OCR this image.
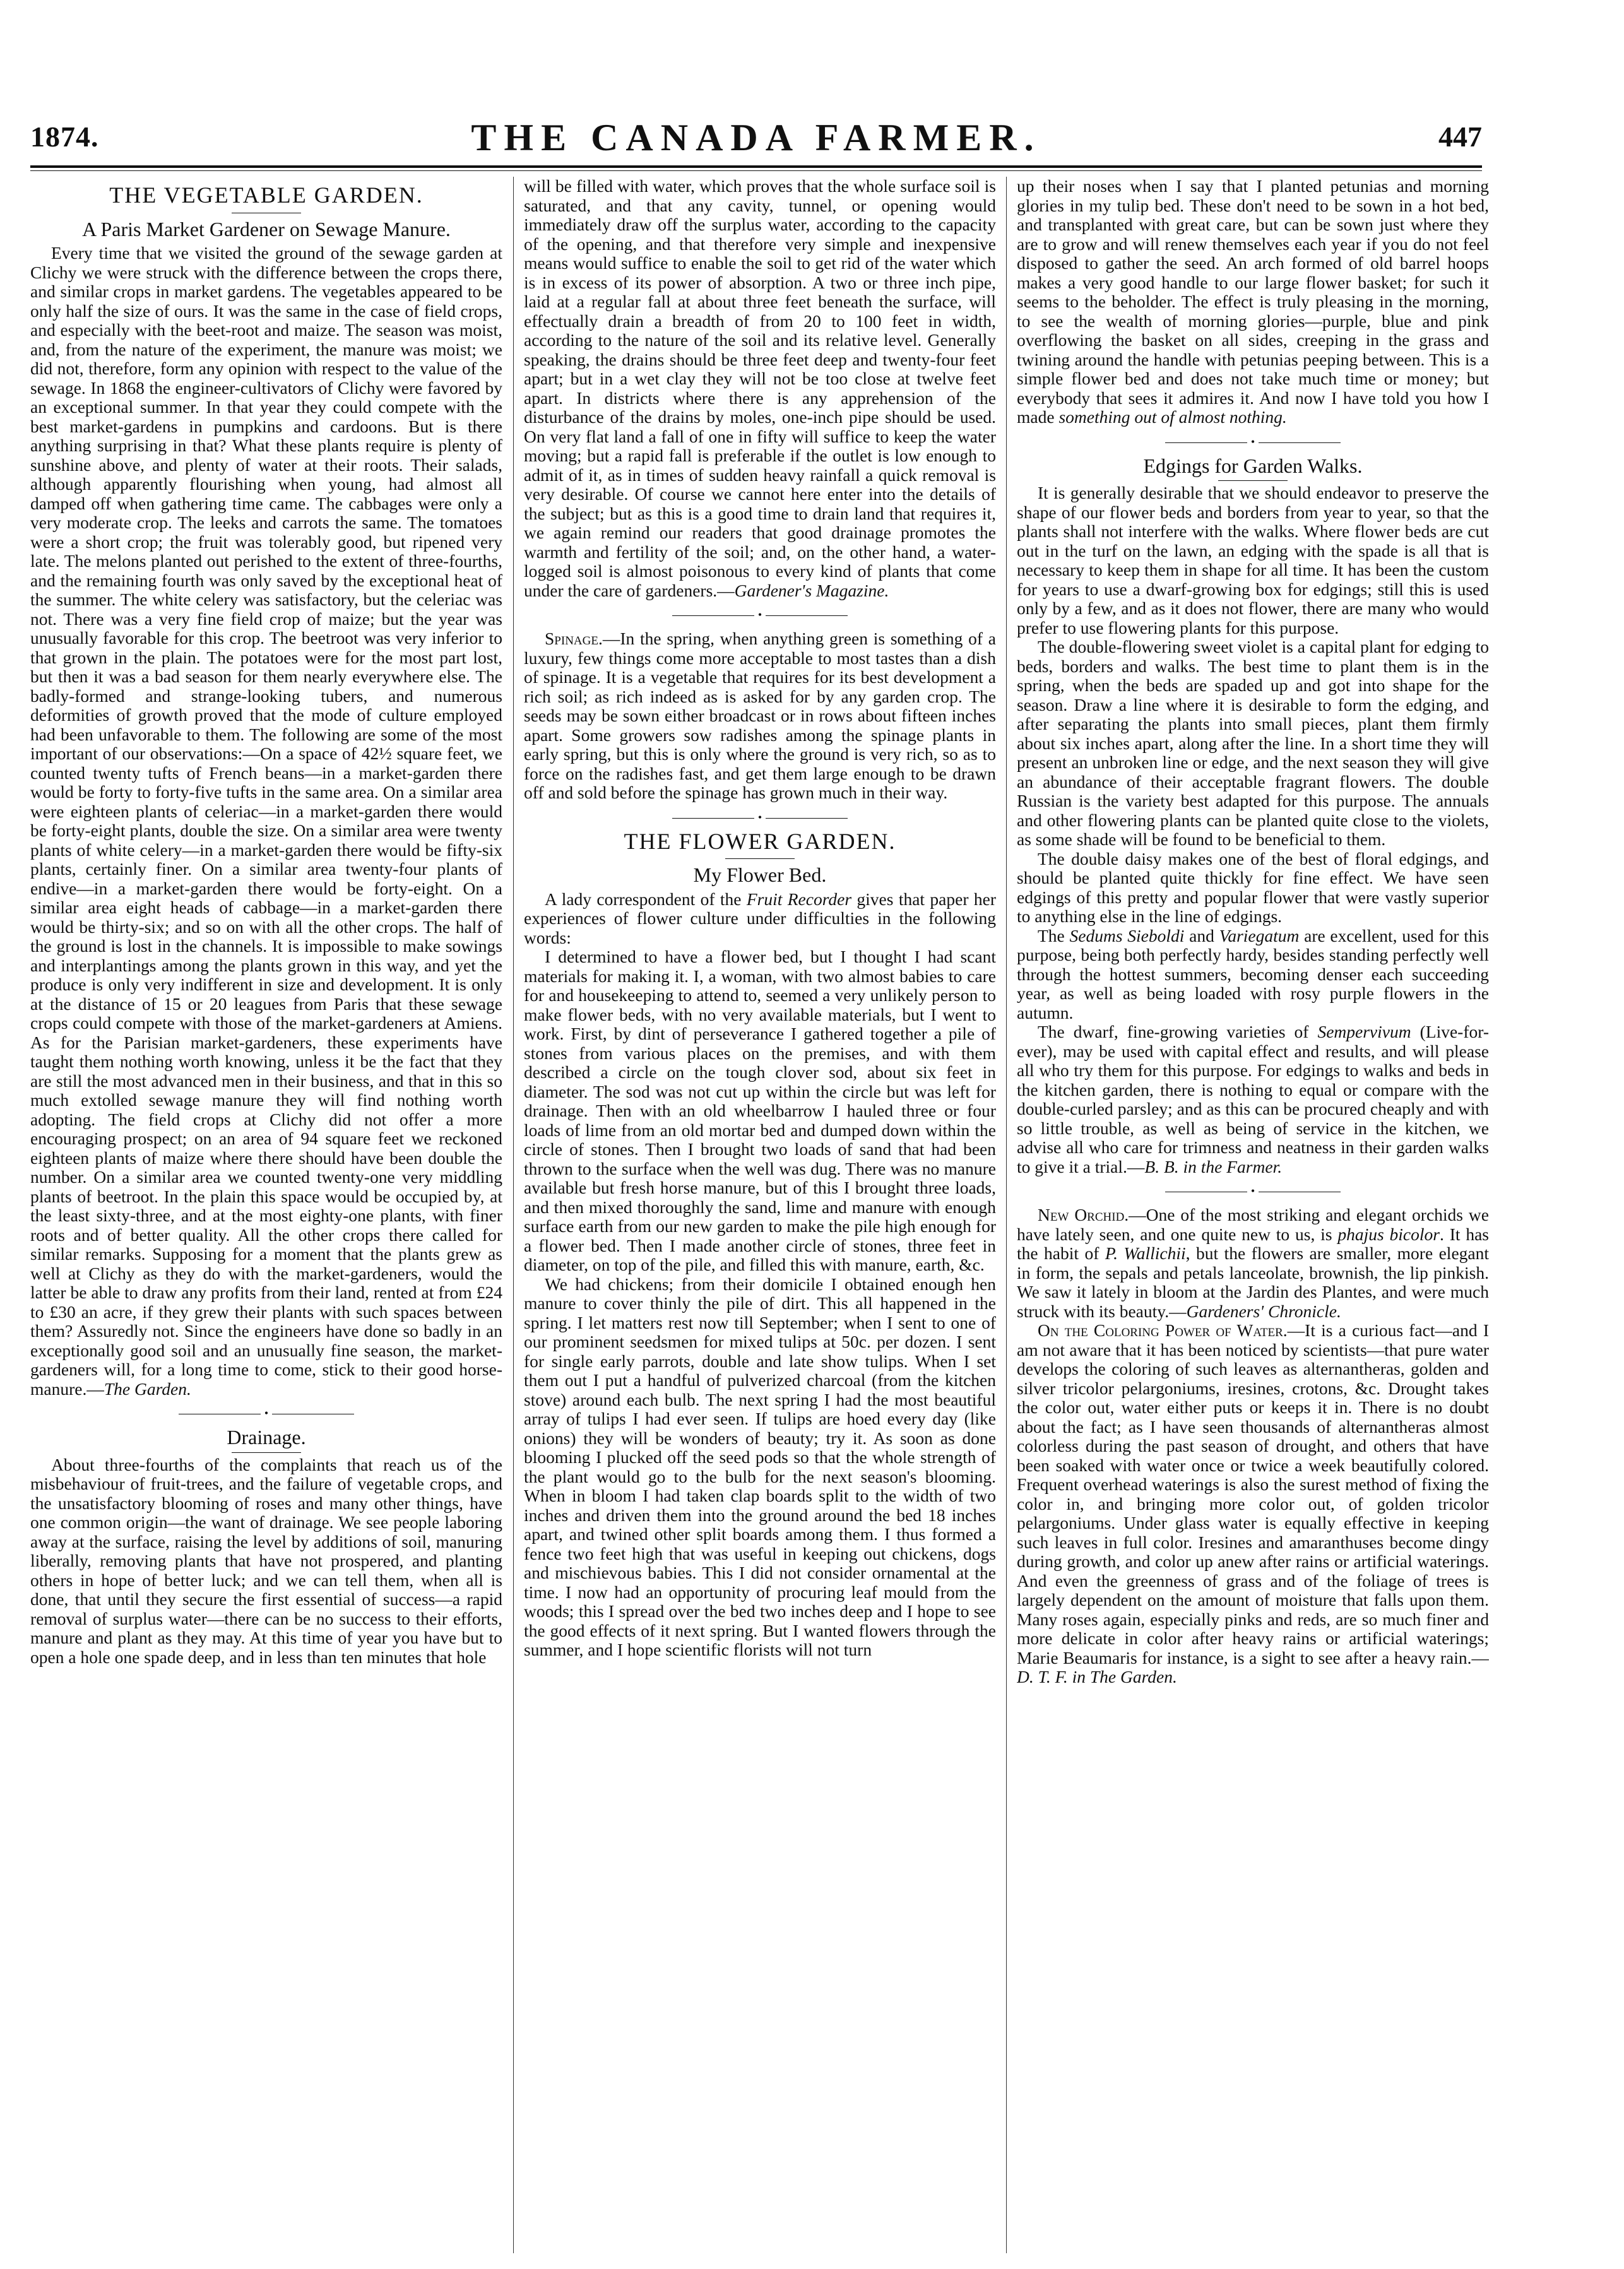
1874.	THE CANADA FARMER.	447
THE VEGETABLE GARDEN.
A Paris Market Gardener on Sewage Manure.

Every time that we visited the ground of the sewage garden at Clichy we were struck with the difference between the crops there, and similar crops in market gardens. The vegetables appeared to be only half the size of ours. It was the same in the case of field crops, and especially with the beet-root and maize. The season was moist, and, from the nature of the experiment, the manure was moist; we did not, therefore, form any opinion with respect to the value of the sewage. In 1868 the engineer-cultivators of Clichy were favored by an exceptional summer. In that year they could compete with the best market-gardens in pumpkins and cardoons. But is there anything surprising in that? What these plants require is plenty of sunshine above, and plenty of water at their roots. Their salads, although apparently flourishing when young, had almost all damped off when gathering time came. The cabbages were only a very moderate crop. The leeks and carrots the same. The tomatoes were a short crop; the fruit was tolerably good, but ripened very late. The melons planted out perished to the extent of three-fourths, and the remaining fourth was only saved by the exceptional heat of the summer. The white celery was satisfactory, but the celeriac was not. There was a very fine field crop of maize; but the year was unusually favorable for this crop. The beetroot was very inferior to that grown in the plain. The potatoes were for the most part lost, but then it was a bad season for them nearly everywhere else. The badly-formed and strange-looking tubers, and numerous deformities of growth proved that the mode of culture employed had been unfavorable to them. The following are some of the most important of our observations:—On a space of 42½ square feet, we counted twenty tufts of French beans—in a market-garden there would be forty to forty-five tufts in the same area. On a similar area were eighteen plants of celeriac—in a market-garden there would be forty-eight plants, double the size. On a similar area were twenty plants of white celery—in a market-garden there would be fifty-six plants, certainly finer. On a similar area twenty-four plants of endive—in a market-garden there would be forty-eight. On a similar area eight heads of cabbage—in a market-garden there would be thirty-six; and so on with all the other crops. The half of the ground is lost in the channels. It is impossible to make sowings and interplantings among the plants grown in this way, and yet the produce is only very indifferent in size and development. It is only at the distance of 15 or 20 leagues from Paris that these sewage crops could compete with those of the market-gardeners at Amiens. As for the Parisian market-gardeners, these experiments have taught them nothing worth knowing, unless it be the fact that they are still the most advanced men in their business, and that in this so much extolled sewage manure they will find nothing worth adopting. The field crops at Clichy did not offer a more encouraging prospect; on an area of 94 square feet we reckoned eighteen plants of maize where there should have been double the number. On a similar area we counted twenty-one very middling plants of beetroot. In the plain this space would be occupied by, at the least sixty-three, and at the most eighty-one plants, with finer roots and of better quality. All the other crops there called for similar remarks. Supposing for a moment that the plants grew as well at Clichy as they do with the market-gardeners, would the latter be able to draw any profits from their land, rented at from £24 to £30 an acre, if they grew their plants with such spaces between them? Assuredly not. Since the engineers have done so badly in an exceptionally good soil and an unusually fine season, the market-gardeners will, for a long time to come, stick to their good horse-manure.—The Garden.

•
Drainage.

About three-fourths of the complaints that reach us of the misbehaviour of fruit-trees, and the failure of vegetable crops, and the unsatisfactory blooming of roses and many other things, have one common origin—the want of drainage. We see people laboring away at the surface, raising the level by additions of soil, manuring liberally, removing plants that have not prospered, and planting others in hope of better luck; and we can tell them, when all is done, that until they secure the first essential of success—a rapid removal of surplus water—there can be no success to their efforts, manure and plant as they may. At this time of year you have but to open a hole one spade deep, and in less than ten minutes that hole

will be filled with water, which proves that the whole surface soil is saturated, and that any cavity, tunnel, or opening would immediately draw off the surplus water, according to the capacity of the opening, and that therefore very simple and inexpensive means would suffice to enable the soil to get rid of the water which is in excess of its power of absorption. A two or three inch pipe, laid at a regular fall at about three feet beneath the surface, will effectually drain a breadth of from 20 to 100 feet in width, according to the nature of the soil and its relative level. Generally speaking, the drains should be three feet deep and twenty-four feet apart; but in a wet clay they will not be too close at twelve feet apart. In districts where there is any apprehension of the disturbance of the drains by moles, one-inch pipe should be used. On very flat land a fall of one in fifty will suffice to keep the water moving; but a rapid fall is preferable if the outlet is low enough to admit of it, as in times of sudden heavy rainfall a quick removal is very desirable. Of course we cannot here enter into the details of the subject; but as this is a good time to drain land that requires it, we again remind our readers that good drainage promotes the warmth and fertility of the soil; and, on the other hand, a water-logged soil is almost poisonous to every kind of plants that come under the care of gardeners.—Gardener's Magazine.

•

Spinage.—In the spring, when anything green is something of a luxury, few things come more acceptable to most tastes than a dish of spinage. It is a vegetable that requires for its best development a rich soil; as rich indeed as is asked for by any garden crop. The seeds may be sown either broadcast or in rows about fifteen inches apart. Some growers sow radishes among the spinage plants in early spring, but this is only where the ground is very rich, so as to force on the radishes fast, and get them large enough to be drawn off and sold before the spinage has grown much in their way.

•
THE FLOWER GARDEN.
My Flower Bed.

A lady correspondent of the Fruit Recorder gives that paper her experiences of flower culture under difficulties in the following words:

I determined to have a flower bed, but I thought I had scant materials for making it. I, a woman, with two almost babies to care for and housekeeping to attend to, seemed a very unlikely person to make flower beds, with no very available materials, but I went to work. First, by dint of perseverance I gathered together a pile of stones from various places on the premises, and with them described a circle on the tough clover sod, about six feet in diameter. The sod was not cut up within the circle but was left for drainage. Then with an old wheelbarrow I hauled three or four loads of lime from an old mortar bed and dumped down within the circle of stones. Then I brought two loads of sand that had been thrown to the surface when the well was dug. There was no manure available but fresh horse manure, but of this I brought three loads, and then mixed thoroughly the sand, lime and manure with enough surface earth from our new garden to make the pile high enough for a flower bed. Then I made another circle of stones, three feet in diameter, on top of the pile, and filled this with manure, earth, &c.

We had chickens; from their domicile I obtained enough hen manure to cover thinly the pile of dirt. This all happened in the spring. I let matters rest now till September; when I sent to one of our prominent seedsmen for mixed tulips at 50c. per dozen. I sent for single early parrots, double and late show tulips. When I set them out I put a handful of pulverized charcoal (from the kitchen stove) around each bulb. The next spring I had the most beautiful array of tulips I had ever seen. If tulips are hoed every day (like onions) they will be wonders of beauty; try it. As soon as done blooming I plucked off the seed pods so that the whole strength of the plant would go to the bulb for the next season's blooming. When in bloom I had taken clap boards split to the width of two inches and driven them into the ground around the bed 18 inches apart, and twined other split boards among them. I thus formed a fence two feet high that was useful in keeping out chickens, dogs and mischievous babies. This I did not consider ornamental at the time. I now had an opportunity of procuring leaf mould from the woods; this I spread over the bed two inches deep and I hope to see the good effects of it next spring. But I wanted flowers through the summer, and I hope scientific florists will not turn

up their noses when I say that I planted petunias and morning glories in my tulip bed. These don't need to be sown in a hot bed, and transplanted with great care, but can be sown just where they are to grow and will renew themselves each year if you do not feel disposed to gather the seed. An arch formed of old barrel hoops makes a very good handle to our large flower basket; for such it seems to the beholder. The effect is truly pleasing in the morning, to see the wealth of morning glories—purple, blue and pink overflowing the basket on all sides, creeping in the grass and twining around the handle with petunias peeping between. This is a simple flower bed and does not take much time or money; but everybody that sees it admires it. And now I have told you how I made something out of almost nothing.

•
Edgings for Garden Walks.

It is generally desirable that we should endeavor to preserve the shape of our flower beds and borders from year to year, so that the plants shall not interfere with the walks. Where flower beds are cut out in the turf on the lawn, an edging with the spade is all that is necessary to keep them in shape for all time. It has been the custom for years to use a dwarf-growing box for edgings; still this is used only by a few, and as it does not flower, there are many who would prefer to use flowering plants for this purpose.

The double-flowering sweet violet is a capital plant for edging to beds, borders and walks. The best time to plant them is in the spring, when the beds are spaded up and got into shape for the season. Draw a line where it is desirable to form the edging, and after separating the plants into small pieces, plant them firmly about six inches apart, along after the line. In a short time they will present an unbroken line or edge, and the next season they will give an abundance of their acceptable fragrant flowers. The double Russian is the variety best adapted for this purpose. The annuals and other flowering plants can be planted quite close to the violets, as some shade will be found to be beneficial to them.

The double daisy makes one of the best of floral edgings, and should be planted quite thickly for fine effect. We have seen edgings of this pretty and popular flower that were vastly superior to anything else in the line of edgings.

The Sedums Sieboldi and Variegatum are excellent, used for this purpose, being both perfectly hardy, besides standing perfectly well through the hottest summers, becoming denser each succeeding year, as well as being loaded with rosy purple flowers in the autumn.

The dwarf, fine-growing varieties of Sempervivum (Live-for-ever), may be used with capital effect and results, and will please all who try them for this purpose. For edgings to walks and beds in the kitchen garden, there is nothing to equal or compare with the double-curled parsley; and as this can be procured cheaply and with so little trouble, as well as being of service in the kitchen, we advise all who care for trimness and neatness in their garden walks to give it a trial.—B. B. in the Farmer.

•

New Orchid.—One of the most striking and elegant orchids we have lately seen, and one quite new to us, is phajus bicolor. It has the habit of P. Wallichii, but the flowers are smaller, more elegant in form, the sepals and petals lanceolate, brownish, the lip pinkish. We saw it lately in bloom at the Jardin des Plantes, and were much struck with its beauty.—Gardeners' Chronicle.

On the Coloring Power of Water.—It is a curious fact—and I am not aware that it has been noticed by scientists—that pure water develops the coloring of such leaves as alternantheras, golden and silver tricolor pelargoniums, iresines, crotons, &c. Drought takes the color out, water either puts or keeps it in. There is no doubt about the fact; as I have seen thousands of alternantheras almost colorless during the past season of drought, and others that have been soaked with water once or twice a week beautifully colored. Frequent overhead waterings is also the surest method of fixing the color in, and bringing more color out, of golden tricolor pelargoniums. Under glass water is equally effective in keeping such leaves in full color. Iresines and amaranthuses become dingy during growth, and color up anew after rains or artificial waterings. And even the greenness of grass and of the foliage of trees is largely dependent on the amount of moisture that falls upon them. Many roses again, especially pinks and reds, are so much finer and more delicate in color after heavy rains or artificial waterings; Marie Beaumaris for instance, is a sight to see after a heavy rain.—D. T. F. in The Garden.
